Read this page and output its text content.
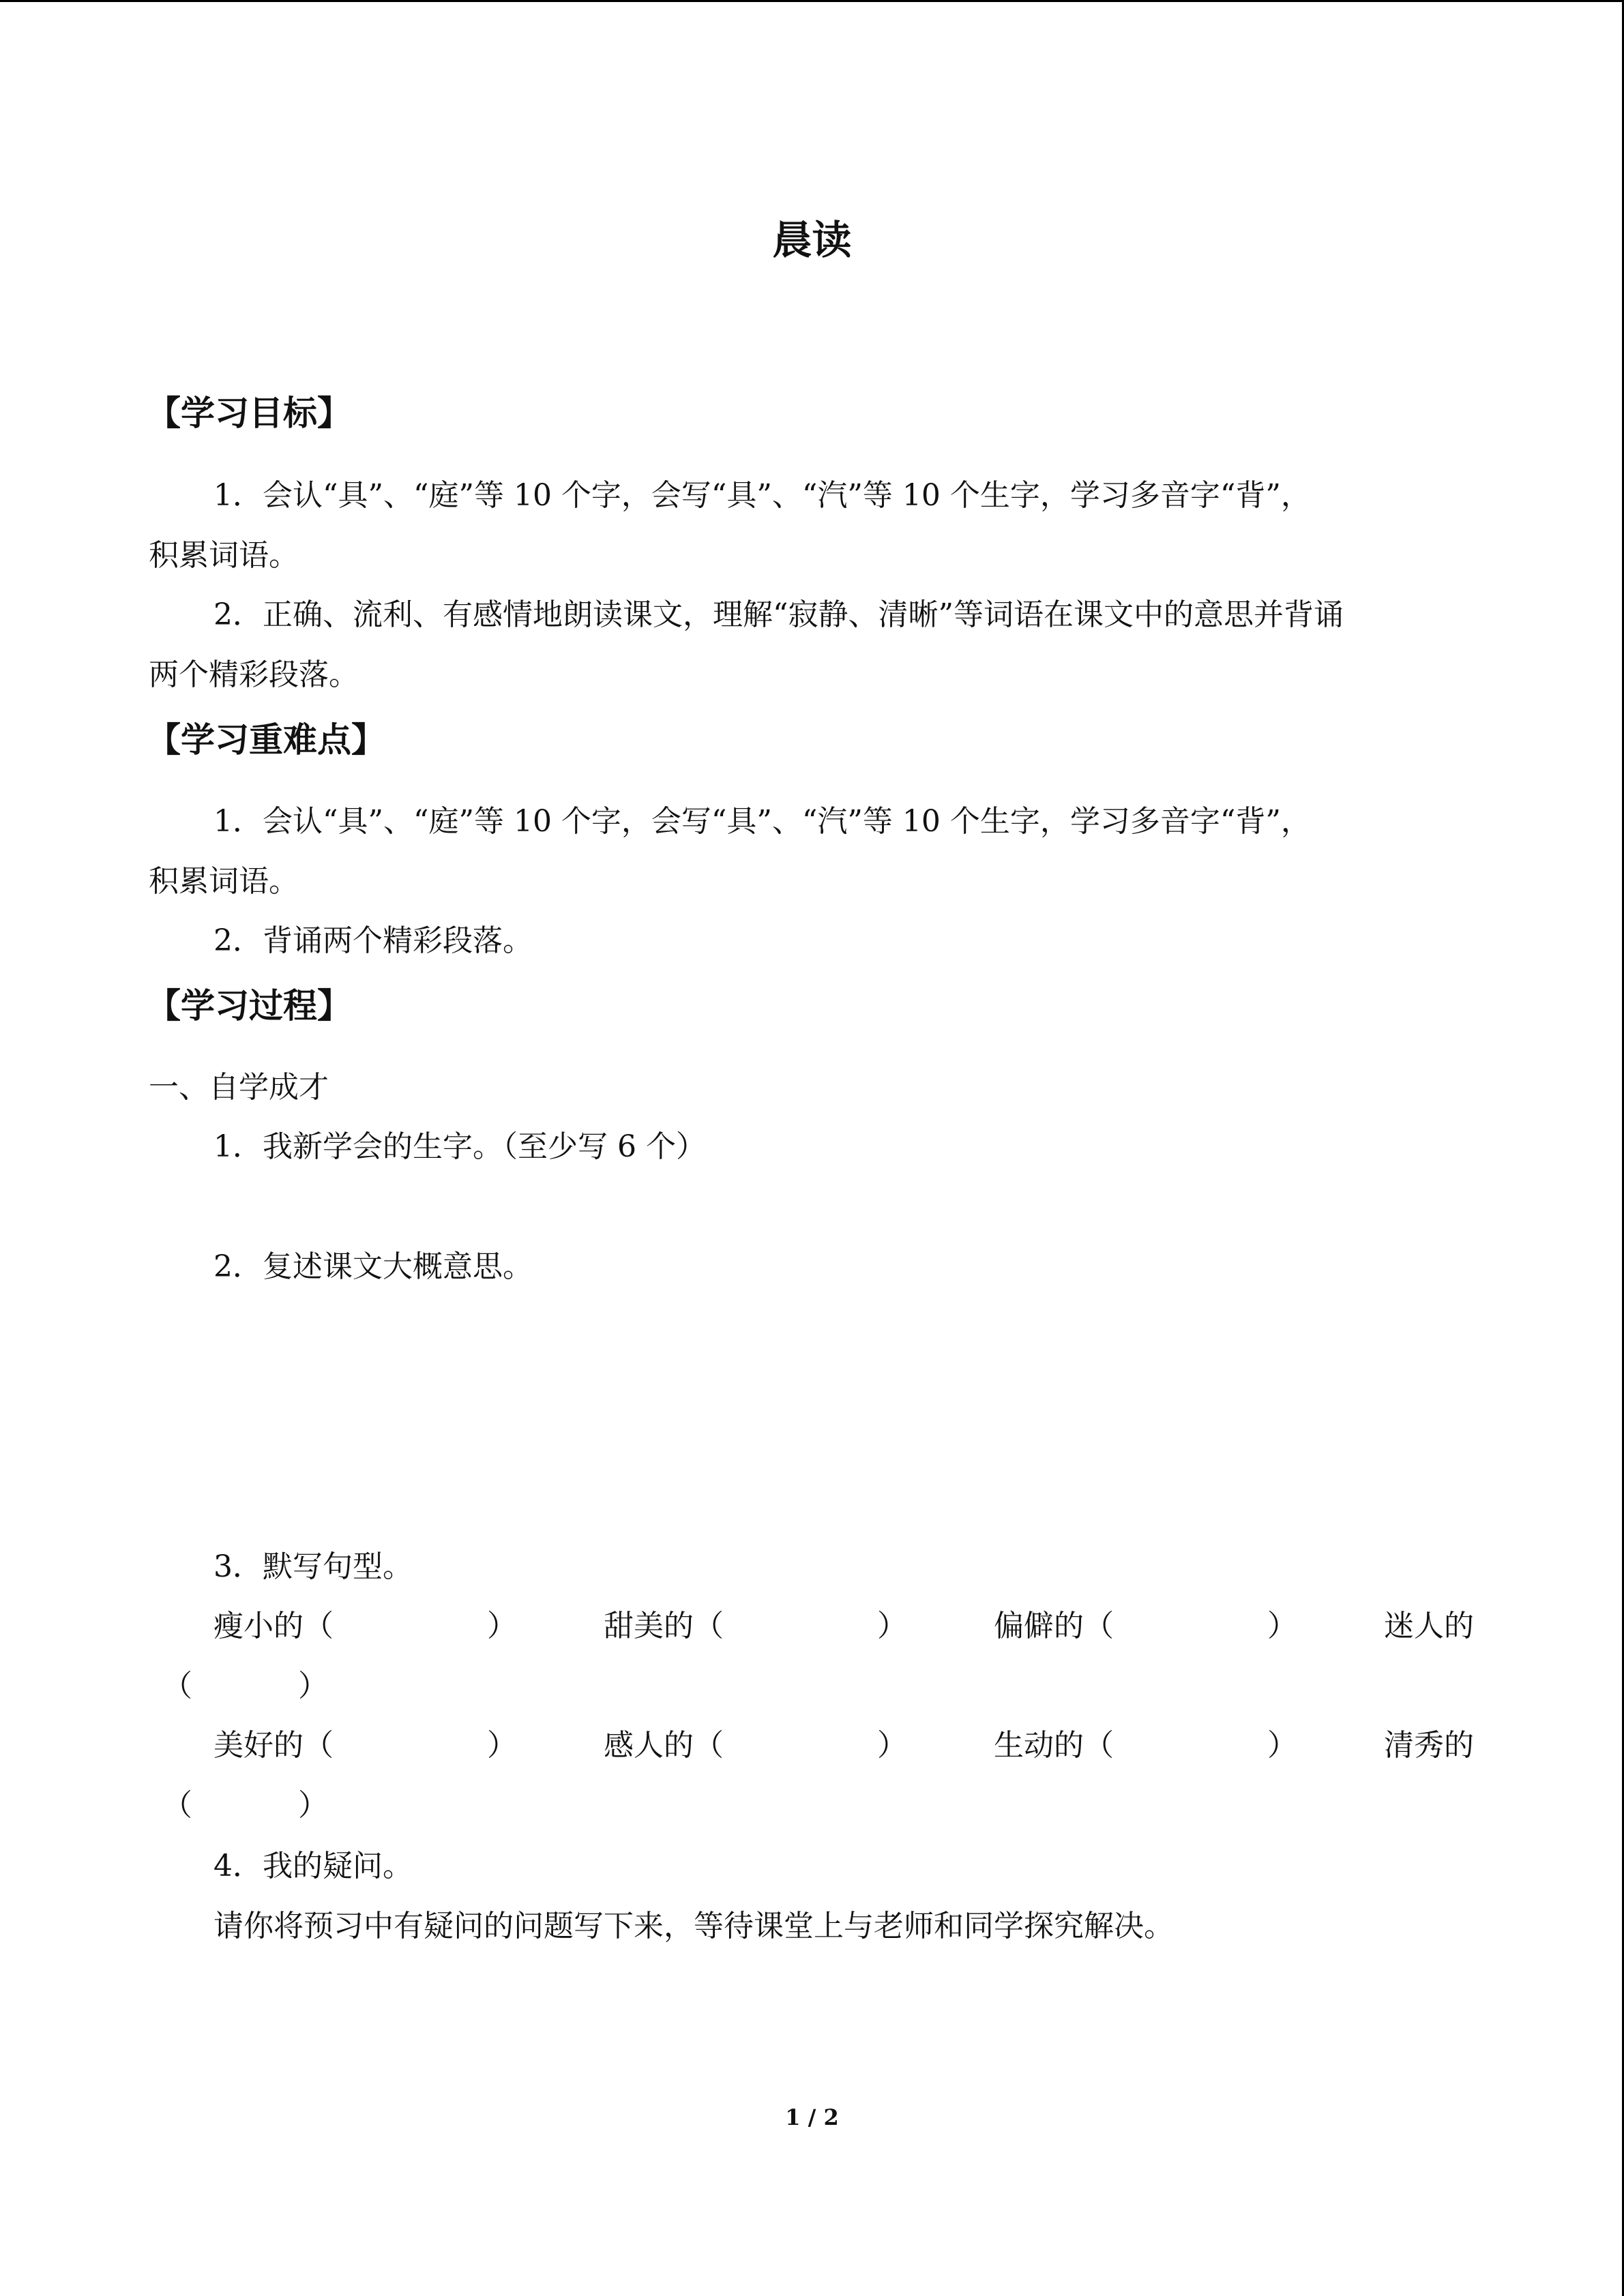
晨读
【学习目标】
1．会认“具”、“庭”等 10 个字，会写“具”、“汽”等 10 个生字，学习多音字“背”，
积累词语。
2．正确、流利、有感情地朗读课文，理解“寂静、清晰”等词语在课文中的意思并背诵
两个精彩段落。
【学习重难点】
1．会认“具”、“庭”等 10 个字，会写“具”、“汽”等 10 个生字，学习多音字“背”，
积累词语。
2．背诵两个精彩段落。
【学习过程】
一、自学成才
1．我新学会的生字。（至少写 6 个）
2．复述课文大概意思。
3．默写句型。
瘦小的（	）	甜美的（	）	偏僻的（	）	迷人的
（	）
美好的（	）	感人的（	）	生动的（	）	清秀的
（	）
4．我的疑问。
请你将预习中有疑问的问题写下来，等待课堂上与老师和同学探究解决。
1 / 2
